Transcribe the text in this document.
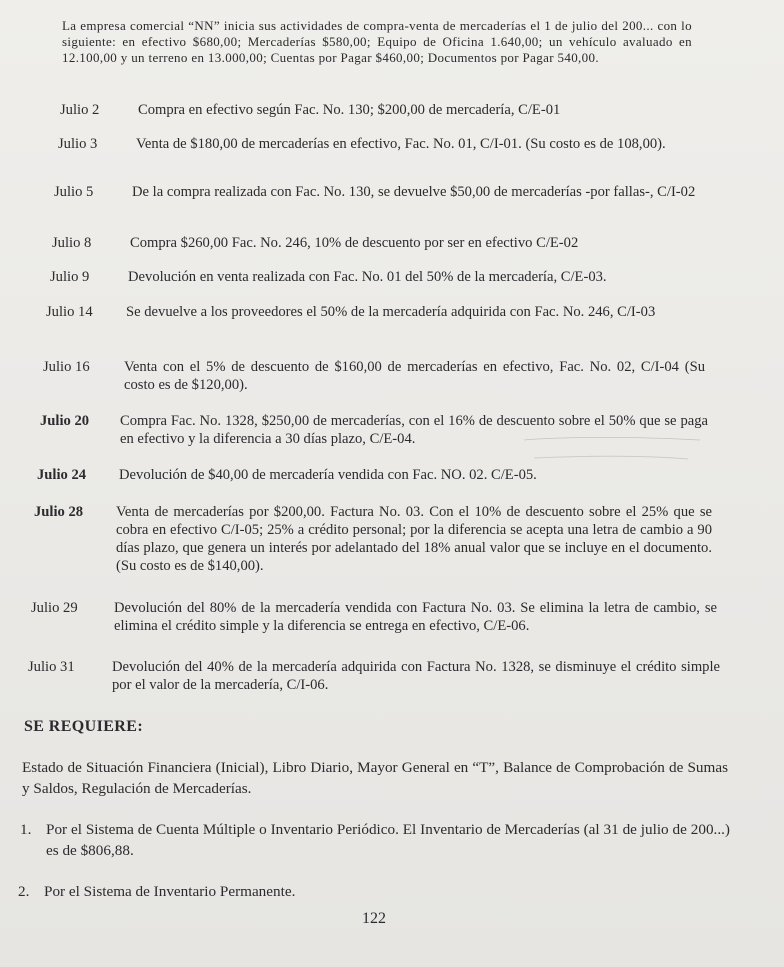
La empresa comercial “NN” inicia sus actividades de compra-venta de mercaderías el 1 de julio del 200... con lo siguiente: en efectivo $680,00; Mercaderías $580,00; Equipo de Oficina 1.640,00; un vehículo avaluado en 12.100,00 y un terreno en 13.000,00; Cuentas por Pagar $460,00; Documentos por Pagar 540,00.

Julio 2	Compra en efectivo según Fac. No. 130; $200,00 de mercadería, C/E-01

Julio 3	Venta de $180,00 de mercaderías en efectivo, Fac. No. 01, C/I-01. (Su costo es de 108,00).

Julio 5	De la compra realizada con Fac. No. 130, se devuelve $50,00 de mercaderías -por fallas-, C/I-02

Julio 8	Compra $260,00 Fac. No. 246, 10% de descuento por ser en efectivo C/E-02

Julio 9	Devolución en venta realizada con Fac. No. 01 del 50% de la mercadería, C/E-03.

Julio 14	Se devuelve a los proveedores el 50% de la mercadería adquirida con Fac. No. 246, C/I-03

Julio 16	Venta con el 5% de descuento de $160,00 de mercaderías en efectivo, Fac. No. 02, C/I-04 (Su costo es de $120,00).

Julio 20	Compra Fac. No. 1328, $250,00 de mercaderías, con el 16% de descuento sobre el 50% que se paga en efectivo y la diferencia a 30 días plazo, C/E-04.

Julio 24	Devolución de $40,00 de mercadería vendida con Fac. NO. 02. C/E-05.

Julio 28	Venta de mercaderías por $200,00. Factura No. 03. Con el 10% de descuento sobre el 25% que se cobra en efectivo C/I-05; 25% a crédito personal; por la diferencia se acepta una letra de cambio a 90 días plazo, que genera un interés por adelantado del 18% anual valor que se incluye en el documento. (Su costo es de $140,00).

Julio 29	Devolución del 80% de la mercadería vendida con Factura No. 03. Se elimina la letra de cambio, se elimina el crédito simple y la diferencia se entrega en efectivo, C/E-06.

Julio 31	Devolución del 40% de la mercadería adquirida con Factura No. 1328, se disminuye el crédito simple por el valor de la mercadería, C/I-06.

SE REQUIERE:

Estado de Situación Financiera (Inicial), Libro Diario, Mayor General en “T”, Balance de Comprobación de Sumas y Saldos, Regulación de Mercaderías.

1. Por el Sistema de Cuenta Múltiple o Inventario Periódico. El Inventario de Mercaderías (al 31 de julio de 200...) es de $806,88.

2. Por el Sistema de Inventario Permanente.

122
